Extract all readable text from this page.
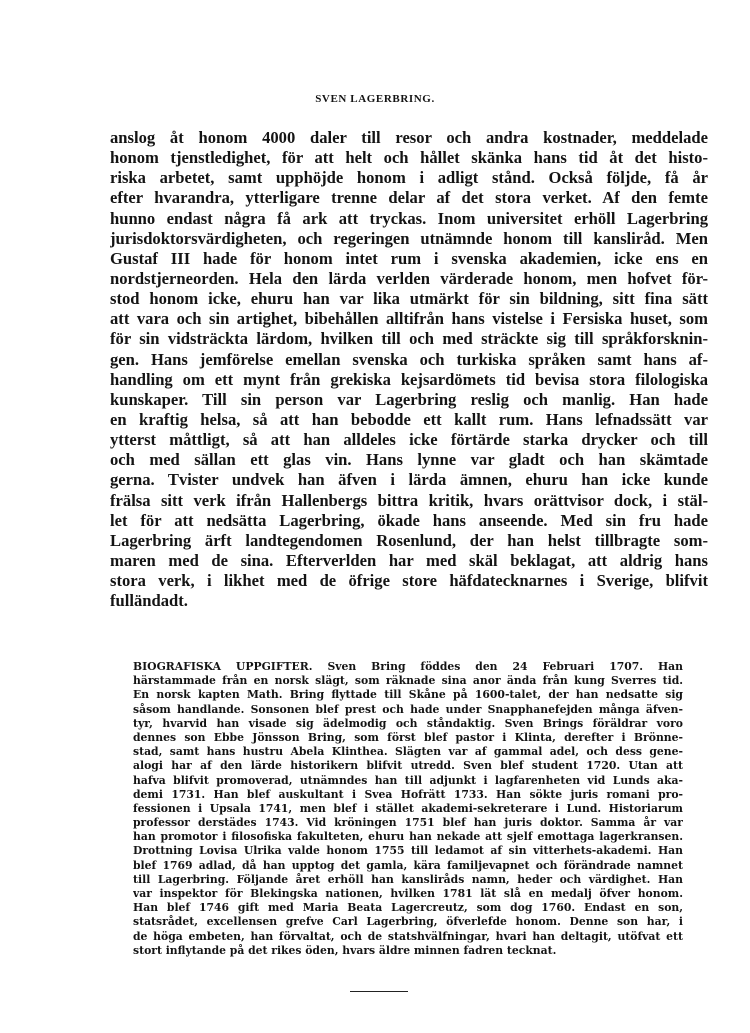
SVEN LAGERBRING.
anslog åt honom 4000 daler till resor och andra kostnader, meddelade
honom tjenstledighet, för att helt och hållet skänka hans tid åt det histo-
riska arbetet, samt upphöjde honom i adligt stånd. Också följde, få år
efter hvarandra, ytterligare trenne delar af det stora verket. Af den femte
hunno endast några få ark att tryckas. Inom universitet erhöll Lagerbring
jurisdoktorsvärdigheten, och regeringen utnämnde honom till kansliråd. Men
Gustaf III hade för honom intet rum i svenska akademien, icke ens en
nordstjerneorden. Hela den lärda verlden värderade honom, men hofvet för-
stod honom icke, ehuru han var lika utmärkt för sin bildning, sitt fina sätt
att vara och sin artighet, bibehållen alltifrån hans vistelse i Fersiska huset, som
för sin vidsträckta lärdom, hvilken till och med sträckte sig till språkforsknin-
gen. Hans jemförelse emellan svenska och turkiska språken samt hans af-
handling om ett mynt från grekiska kejsardömets tid bevisa stora filologiska
kunskaper. Till sin person var Lagerbring reslig och manlig. Han hade
en kraftig helsa, så att han bebodde ett kallt rum. Hans lefnadssätt var
ytterst måttligt, så att han alldeles icke förtärde starka drycker och till
och med sällan ett glas vin. Hans lynne var gladt och han skämtade
gerna. Tvister undvek han äfven i lärda ämnen, ehuru han icke kunde
frälsa sitt verk ifrån Hallenbergs bittra kritik, hvars orättvisor dock, i stäl-
let för att nedsätta Lagerbring, ökade hans anseende. Med sin fru hade
Lagerbring ärft landtegendomen Rosenlund, der han helst tillbragte som-
maren med de sina. Efterverlden har med skäl beklagat, att aldrig hans
stora verk, i likhet med de öfrige store häfdatecknarnes i Sverige, blifvit
fulländadt.
BIOGRAFISKA UPPGIFTER. Sven Bring föddes den 24 Februari 1707. Han
härstammade från en norsk slägt, som räknade sina anor ända från kung Sverres tid.
En norsk kapten Math. Bring flyttade till Skåne på 1600-talet, der han nedsatte sig
såsom handlande. Sonsonen blef prest och hade under Snapphanefejden många äfven-
tyr, hvarvid han visade sig ädelmodig och ståndaktig. Sven Brings föräldrar voro
dennes son Ebbe Jönsson Bring, som först blef pastor i Klinta, derefter i Brönne-
stad, samt hans hustru Abela Klinthea. Slägten var af gammal adel, och dess gene-
alogi har af den lärde historikern blifvit utredd. Sven blef student 1720. Utan att
hafva blifvit promoverad, utnämndes han till adjunkt i lagfarenheten vid Lunds aka-
demi 1731. Han blef auskultant i Svea Hofrätt 1733. Han sökte juris romani pro-
fessionen i Upsala 1741, men blef i stället akademi-sekreterare i Lund. Historiarum
professor derstädes 1743. Vid kröningen 1751 blef han juris doktor. Samma år var
han promotor i filosofiska fakulteten, ehuru han nekade att sjelf emottaga lagerkransen.
Drottning Lovisa Ulrika valde honom 1755 till ledamot af sin vitterhets-akademi. Han
blef 1769 adlad, då han upptog det gamla, kära familjevapnet och förändrade namnet
till Lagerbring. Följande året erhöll han kansliråds namn, heder och värdighet. Han
var inspektor för Blekingska nationen, hvilken 1781 lät slå en medalj öfver honom.
Han blef 1746 gift med Maria Beata Lagercreutz, som dog 1760. Endast en son,
statsrådet, excellensen grefve Carl Lagerbring, öfverlefde honom. Denne son har, i
de höga embeten, han förvaltat, och de statshvälfningar, hvari han deltagit, utöfvat ett
stort inflytande på det rikes öden, hvars äldre minnen fadren tecknat.
